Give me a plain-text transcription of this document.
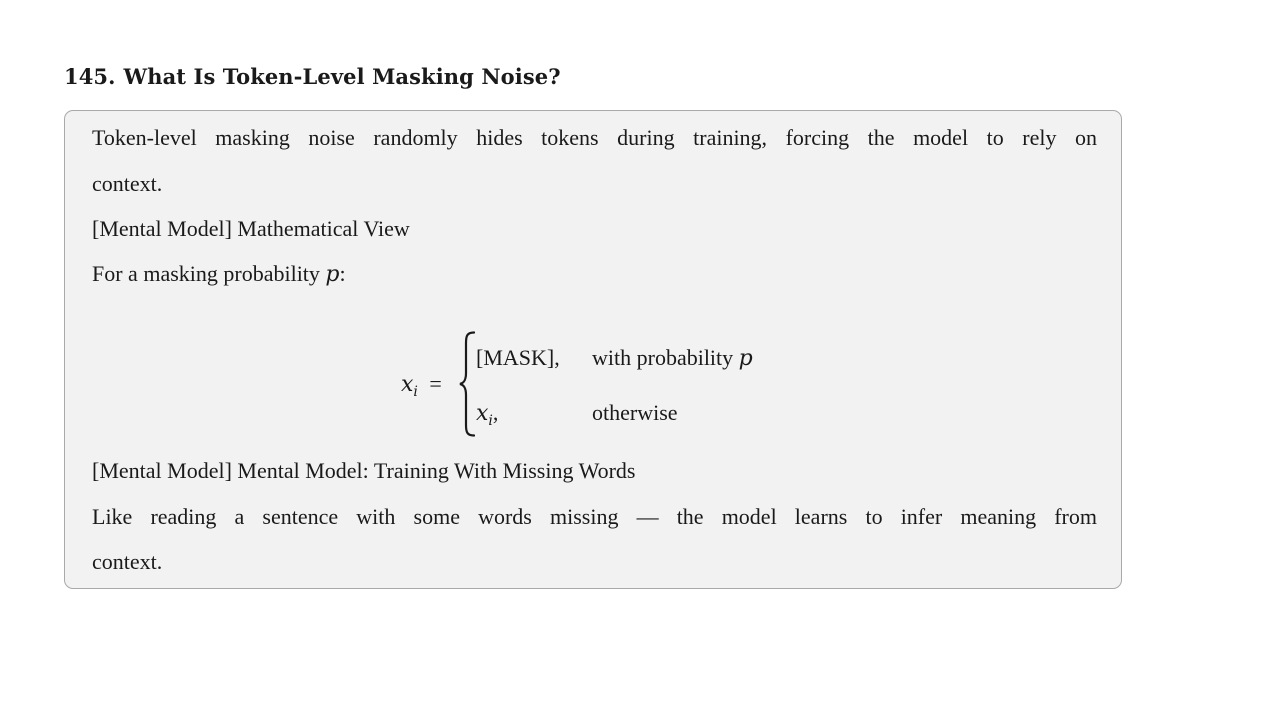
145. What Is Token-Level Masking Noise?
Token-level masking noise randomly hides tokens during training, forcing the model to rely on
context.
[Mental Model] Mathematical View
For a masking probability p:
$x_i$ =
[MASK], with probability p
$x_i$,	otherwise
[Mental Model] Mental Model: Training With Missing Words
Like reading a sentence with some words missing — the model learns to infer meaning from
context.
